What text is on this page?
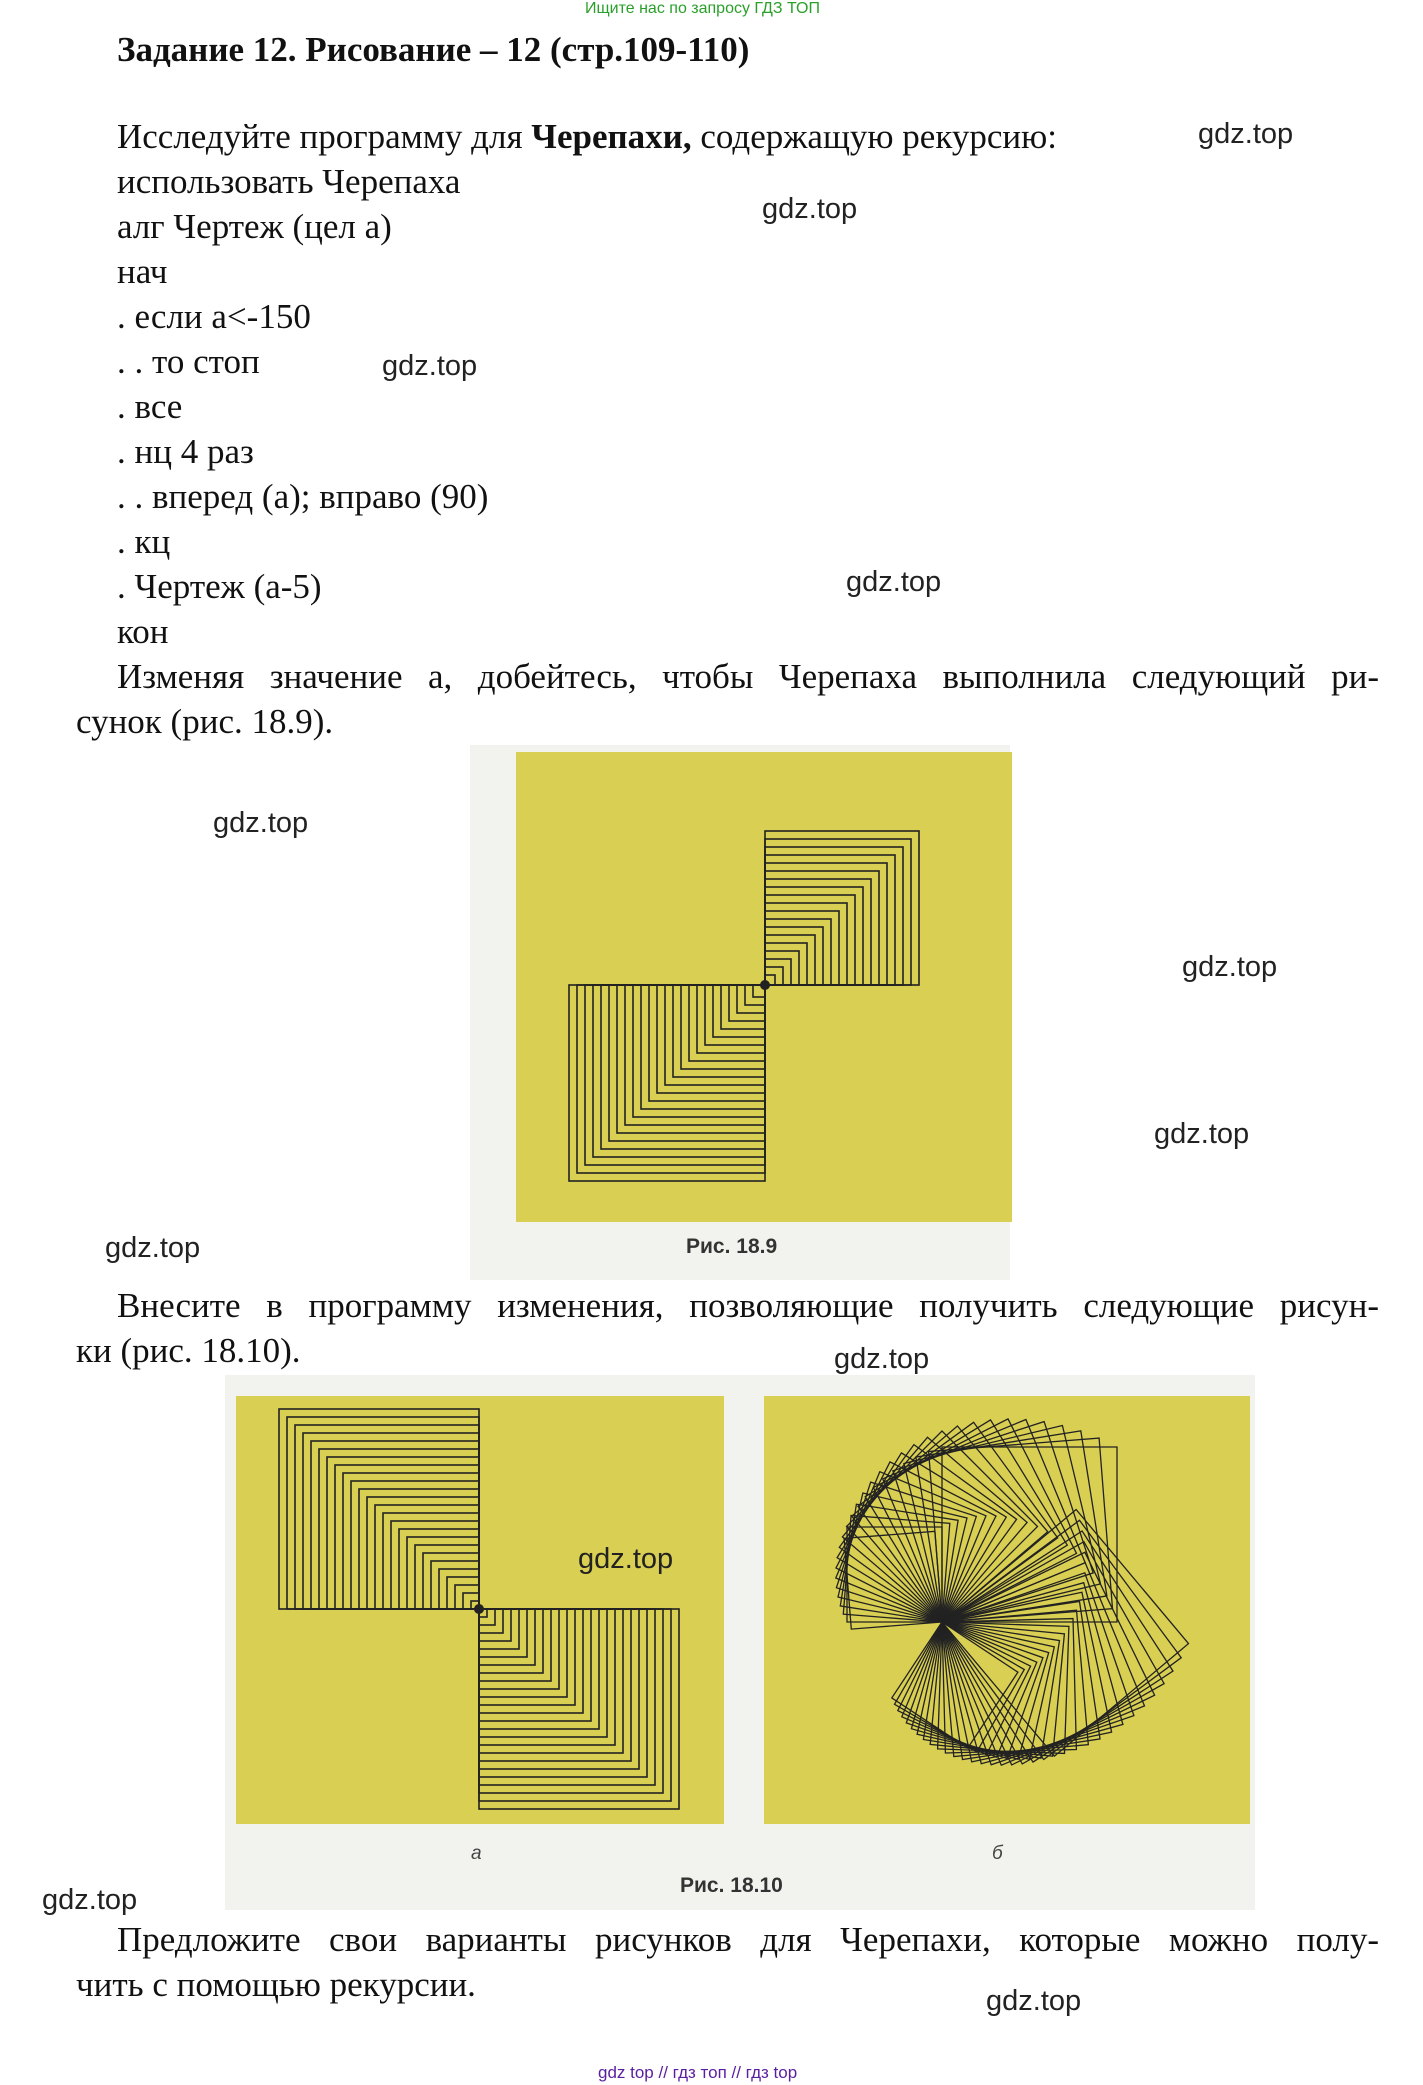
Ищите нас по запросу ГДЗ ТОП
Задание 12. Рисование – 12 (стр.109-110)
Исследуйте программу для Черепахи, содержащую рекурсию:
использовать Черепаха
алг Чертеж (цел а)
нач
. если а<-150
. . то стоп
. все
. нц 4 раз
. . вперед (а); вправо (90)
. кц
. Чертеж (а-5)
кон
Изменяя значение а, добейтесь, чтобы Черепаха выполнила следующий ри-
сунок (рис. 18.9).
Рис. 18.9
Внесите в программу изменения, позволяющие получить следующие рисун-
ки (рис. 18.10).
а	б
Рис. 18.10
Предложите свои варианты рисунков для Черепахи, которые можно полу-
чить с помощью рекурсии.
gdz.top
gdz.top
gdz.top
gdz.top
gdz.top
gdz.top
gdz.top
gdz.top
gdz.top
gdz.top
gdz.top
gdz.top
gdz top // гдз топ // гдз top
